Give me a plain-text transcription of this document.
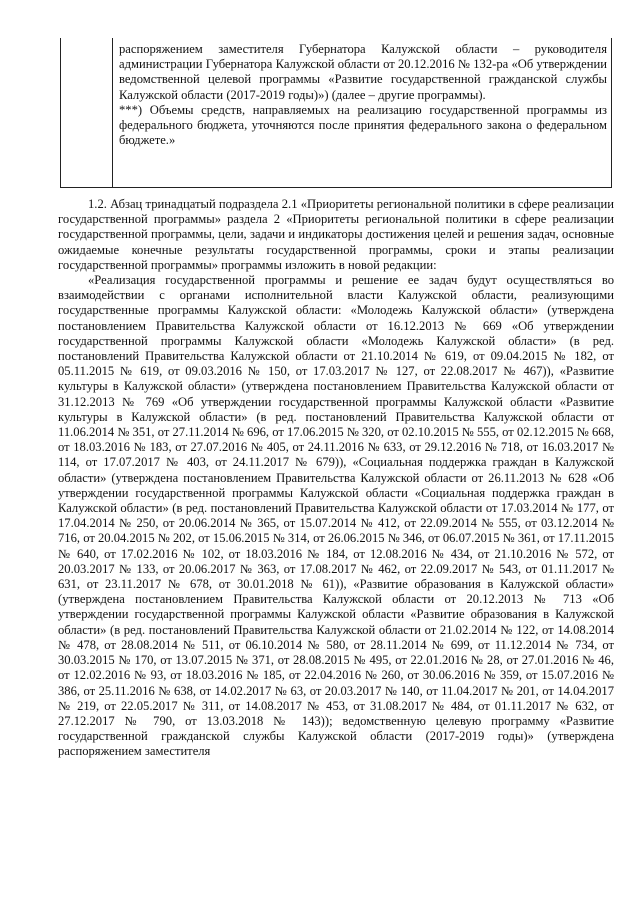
распоряжением заместителя Губернатора Калужской области – руководителя администрации Губернатора Калужской области от 20.12.2016 № 132-ра «Об утверждении ведомственной целевой программы «Развитие государственной гражданской службы Калужской области (2017-2019 годы)») (далее – другие программы).

***) Объемы средств, направляемых на реализацию государственной программы из федерального бюджета, уточняются после принятия федерального закона о федеральном бюджете.»

1.2. Абзац тринадцатый подраздела 2.1 «Приоритеты региональной политики в сфере реализации государственной программы» раздела 2 «Приоритеты региональной политики в сфере реализации государственной программы, цели, задачи и индикаторы достижения целей и решения задач, основные ожидаемые конечные результаты государственной программы, сроки и этапы реализации государственной программы» программы изложить в новой редакции:

«Реализация государственной программы и решение ее задач будут осуществляться во взаимодействии с органами исполнительной власти Калужской области, реализующими государственные программы Калужской области: «Молодежь Калужской области» (утверждена постановлением Правительства Калужской области от 16.12.2013 № 669 «Об утверждении государственной программы Калужской области «Молодежь Калужской области» (в ред. постановлений Правительства Калужской области от 21.10.2014 № 619, от 09.04.2015 № 182, от 05.11.2015 № 619, от 09.03.2016 № 150, от 17.03.2017 № 127, от 22.08.2017 № 467)), «Развитие культуры в Калужской области» (утверждена постановлением Правительства Калужской области от 31.12.2013 № 769 «Об утверждении государственной программы Калужской области «Развитие культуры в Калужской области» (в ред. постановлений Правительства Калужской области от 11.06.2014 № 351, от 27.11.2014 № 696, от 17.06.2015 № 320, от 02.10.2015 № 555, от 02.12.2015 № 668, от 18.03.2016 № 183, от 27.07.2016 № 405, от 24.11.2016 № 633, от 29.12.2016 № 718, от 16.03.2017 № 114, от 17.07.2017 № 403, от 24.11.2017 № 679)), «Социальная поддержка граждан в Калужской области» (утверждена постановлением Правительства Калужской области от 26.11.2013 № 628 «Об утверждении государственной программы Калужской области «Социальная поддержка граждан в Калужской области» (в ред. постановлений Правительства Калужской области от 17.03.2014 № 177, от 17.04.2014 № 250, от 20.06.2014 № 365, от 15.07.2014 № 412, от 22.09.2014 № 555, от 03.12.2014 № 716, от 20.04.2015 № 202, от 15.06.2015 № 314, от 26.06.2015 № 346, от 06.07.2015 № 361, от 17.11.2015 № 640, от 17.02.2016 № 102, от 18.03.2016 № 184, от 12.08.2016 № 434, от 21.10.2016 № 572, от 20.03.2017 № 133, от 20.06.2017 № 363, от 17.08.2017 № 462, от 22.09.2017 № 543, от 01.11.2017 № 631, от 23.11.2017 № 678, от 30.01.2018 № 61)), «Развитие образования в Калужской области» (утверждена постановлением Правительства Калужской области от 20.12.2013 № 713 «Об утверждении государственной программы Калужской области «Развитие образования в Калужской области» (в ред. постановлений Правительства Калужской области от 21.02.2014 № 122, от 14.08.2014 № 478, от 28.08.2014 № 511, от 06.10.2014 № 580, от 28.11.2014 № 699, от 11.12.2014 № 734, от 30.03.2015 № 170, от 13.07.2015 № 371, от 28.08.2015 № 495, от 22.01.2016 № 28, от 27.01.2016 № 46, от 12.02.2016 № 93, от 18.03.2016 № 185, от 22.04.2016 № 260, от 30.06.2016 № 359, от 15.07.2016 № 386, от 25.11.2016 № 638, от 14.02.2017 № 63, от 20.03.2017 № 140, от 11.04.2017 № 201, от 14.04.2017 № 219, от 22.05.2017 № 311, от 14.08.2017 № 453, от 31.08.2017 № 484, от 01.11.2017 № 632, от 27.12.2017 № 790, от 13.03.2018 № 143)); ведомственную целевую программу «Развитие государственной гражданской службы Калужской области (2017-2019 годы)» (утверждена распоряжением заместителя
